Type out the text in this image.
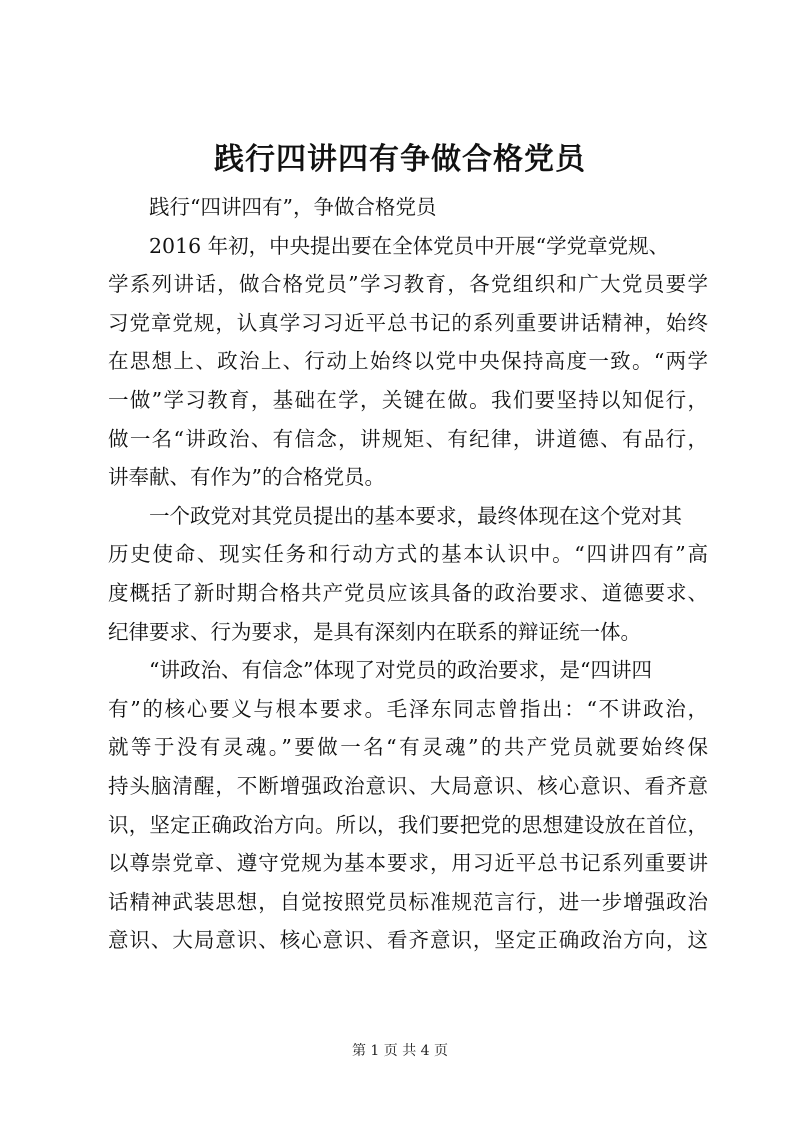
践行四讲四有争做合格党员
践行“四讲四有”，争做合格党员
2016 年初，中央提出要在全体党员中开展“学党章党规、
学系列讲话，做合格党员”学习教育，各党组织和广大党员要学
习党章党规，认真学习习近平总书记的系列重要讲话精神，始终
在思想上、政治上、行动上始终以党中央保持高度一致。“两学
一做”学习教育，基础在学，关键在做。我们要坚持以知促行，
做一名“讲政治、有信念，讲规矩、有纪律，讲道德、有品行，
讲奉献、有作为”的合格党员。
一个政党对其党员提出的基本要求，最终体现在这个党对其
历史使命、现实任务和行动方式的基本认识中。“四讲四有”高
度概括了新时期合格共产党员应该具备的政治要求、道德要求、
纪律要求、行为要求，是具有深刻内在联系的辩证统一体。
“讲政治、有信念”体现了对党员的政治要求，是“四讲四
有”的核心要义与根本要求。毛泽东同志曾指出：“不讲政治，
就等于没有灵魂。”要做一名“有灵魂”的共产党员就要始终保
持头脑清醒，不断增强政治意识、大局意识、核心意识、看齐意
识，坚定正确政治方向。所以，我们要把党的思想建设放在首位，
以尊崇党章、遵守党规为基本要求，用习近平总书记系列重要讲
话精神武装思想，自觉按照党员标准规范言行，进一步增强政治
意识、大局意识、核心意识、看齐意识，坚定正确政治方向，这
第 1 页 共 4 页
